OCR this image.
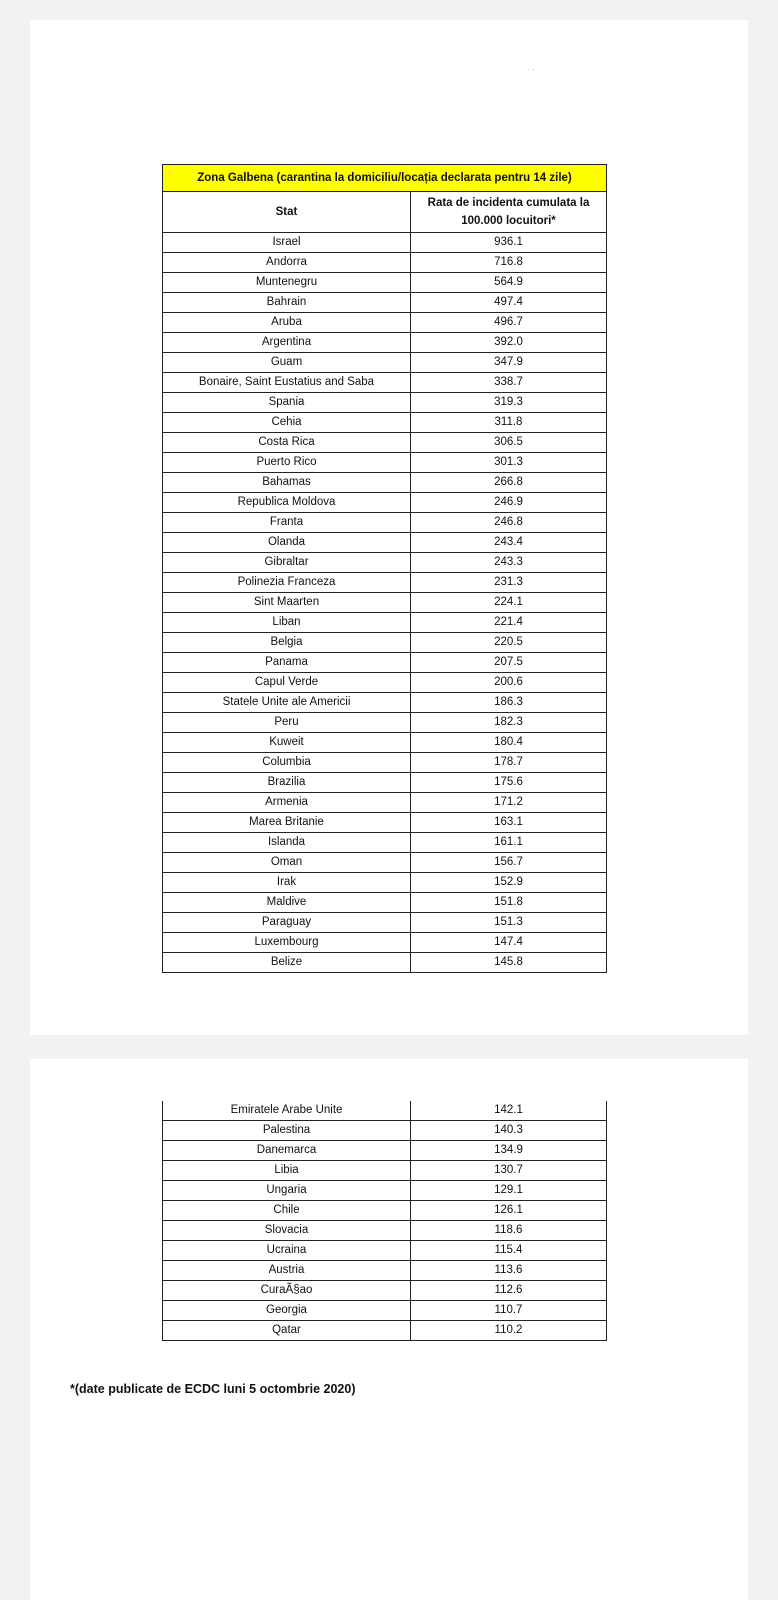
· ·
Zona Galbena (carantina la domiciliu/locația declarata pentru 14 zile)	
Stat	Rata de incidenta cumulata la 100.000 locuitori*
Israel	936.1
Andorra	716.8
Muntenegru	564.9
Bahrain	497.4
Aruba	496.7
Argentina	392.0
Guam	347.9
Bonaire, Saint Eustatius and Saba	338.7
Spania	319.3
Cehia	311.8
Costa Rica	306.5
Puerto Rico	301.3
Bahamas	266.8
Republica Moldova	246.9
Franta	246.8
Olanda	243.4
Gibraltar	243.3
Polinezia Franceza	231.3
Sint Maarten	224.1
Liban	221.4
Belgia	220.5
Panama	207.5
Capul Verde	200.6
Statele Unite ale Americii	186.3
Peru	182.3
Kuweit	180.4
Columbia	178.7
Brazilia	175.6
Armenia	171.2
Marea Britanie	163.1
Islanda	161.1
Oman	156.7
Irak	152.9
Maldive	151.8
Paraguay	151.3
Luxembourg	147.4
Belize	145.8
Emiratele Arabe Unite	142.1
Palestina	140.3
Danemarca	134.9
Libia	130.7
Ungaria	129.1
Chile	126.1
Slovacia	118.6
Ucraina	115.4
Austria	113.6
CuraÃ§ao	112.6
Georgia	110.7
Qatar	110.2
*(date publicate de ECDC luni 5 octombrie 2020)
